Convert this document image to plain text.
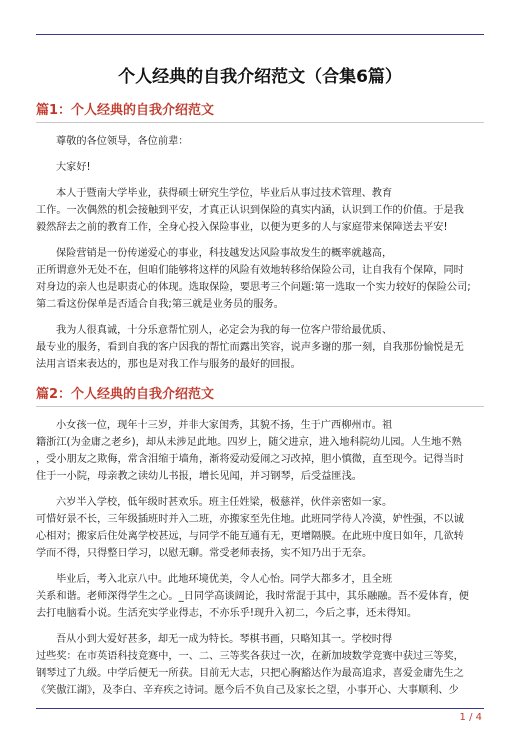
个人经典的自我介绍范文（合集6篇）
篇1：个人经典的自我介绍范文

尊敬的各位领导，各位前辈：

大家好!

本人于暨南大学毕业，获得硕士研究生学位，毕业后从事过技术管理、教育
工作。一次偶然的机会接触到平安，才真正认识到保险的真实内涵，认识到工作的价值。于是我
毅然辞去之前的教育工作，全身心投入保险事业，以便为更多的人与家庭带来保障送去平安!

保险营销是一份传递爱心的事业，科技越发达风险事故发生的概率就越高，
正所谓意外无处不在，但咱们能够将这样的风险有效地转移给保险公司，让自我有个保障，同时
对身边的亲人也是职责心的体现。选取保险，要思考三个问题:第一选取一个实力较好的保险公司;
第二看这份保单是否适合自我;第三就是业务员的服务。

我为人很真诚，十分乐意帮忙别人，必定会为我的每一位客户带给最优质、
最专业的服务，看到自我的客户因我的帮忙而露出笑容，说声多谢的那一刻，自我那份愉悦是无
法用言语来表达的，那也是对我工作与服务的最好的回报。

篇2：个人经典的自我介绍范文

小女孩一位，现年十三岁，并非大家闺秀，其貌不扬，生于广西柳州市。祖
籍浙江(为金庸之老乡)，却从未涉足此地。四岁上，随父进京，进入地科院幼儿园。人生地不熟
，受小朋友之欺侮，常含泪缩于墙角，渐将爱动爱闹之习改掉，胆小慎微，直至现今。记得当时
住于一小院，母亲教之读幼儿书报，增长见闻，并习钢琴，后受益匪浅。

六岁半入学校，低年级时甚欢乐。班主任姓梁，极慈祥，伙伴亲密如一家。
可惜好景不长，三年级插班时并入二班，亦搬家至先住地。此班同学待人冷漠，妒性强，不以诚
心相对；搬家后住处离学校甚远，与同学不能互通有无，更增隔膜。在此班中度日如年，几欲转
学而不得，只得整日学习，以慰无聊。常受老师表扬，实不知乃出于无奈。

毕业后，考入北京八中。此地环境优美，令人心怡。同学大都多才，且全班
关系和谐。老师深得学生之心。_日同学高谈阔论，我时常混于其中，其乐融融。吾不爱体育，便
去打电脑看小说。生活充实学业得志，不亦乐乎!现升入初二，今后之事，还未得知。

吾从小到大爱好甚多，却无一成为特长。琴棋书画，只略知其一。学校时得
过些奖：在市英语科技竞赛中，一、二、三等奖各获过一次，在新加坡数学竞赛中获过三等奖，
钢琴过了九级。中学后便无一所获。目前无大志，只把心胸豁达作为最高追求，喜爱金庸先生之
《笑傲江湖》，及李白、辛弃疾之诗词。愿今后不负自己及家长之望，小事开心、大事顺利、少

1 / 4
